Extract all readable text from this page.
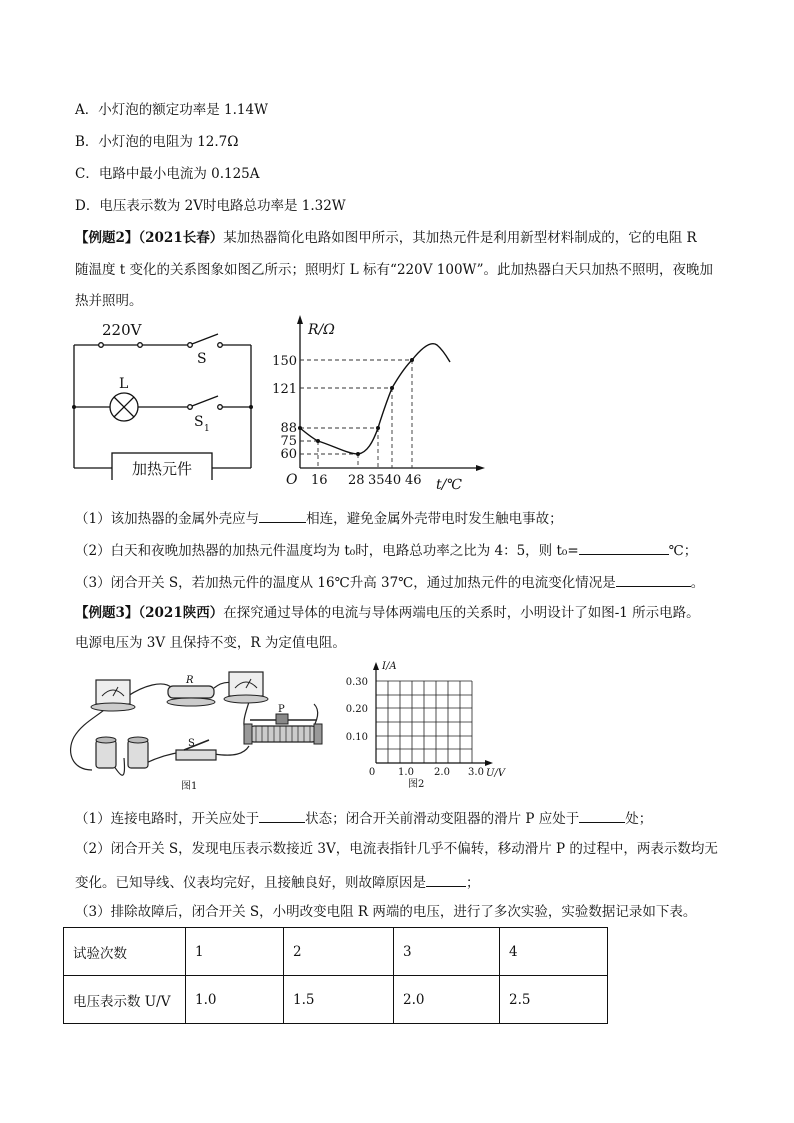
A．小灯泡的额定功率是 1.14W
B．小灯泡的电阻为 12.7Ω
C．电路中最小电流为 0.125A
D．电压表示数为 2V时电路总功率是 1.32W
【例题2】（2021长春）某加热器简化电路如图甲所示，其加热元件是利用新型材料制成的，它的电阻 R
随温度 t 变化的关系图象如图乙所示；照明灯 L 标有“220V 100W”。此加热器白天只加热不照明，夜晚加
热并照明。
220V
S
L
S 1
加热元件
R/Ω
150
121
88
75
60
O 16 28 3540 46 t/℃
（1）该加热器的金属外壳应与	相连，避免金属外壳带电时发生触电事故；
（2）白天和夜晚加热器的加热元件温度均为 t₀时，电路总功率之比为 4：5，则 t₀=	℃；
（3）闭合开关 S，若加热元件的温度从 16℃升高 37℃，通过加热元件的电流变化情况是	。
【例题3】（2021陕西）在探究通过导体的电流与导体两端电压的关系时，小明设计了如图-1 所示电路。
电源电压为 3V 且保持不变，R 为定值电阻。
R
P
S
图1
I/A
0.30
0.20
0.10
0 1.0 2.0 3.0 U/V
图2
（1）连接电路时，开关应处于	状态；闭合开关前滑动变阻器的滑片 P 应处于	处；
（2）闭合开关 S，发现电压表示数接近 3V，电流表指针几乎不偏转，移动滑片 P 的过程中，两表示数均无
变化。已知导线、仪表均完好，且接触良好，则故障原因是	；
（3）排除故障后，闭合开关 S，小明改变电阻 R 两端的电压，进行了多次实验，实验数据记录如下表。
试验次数	1	2	3	4
电压表示数 U/V	1.0	1.5	2.0	2.5
